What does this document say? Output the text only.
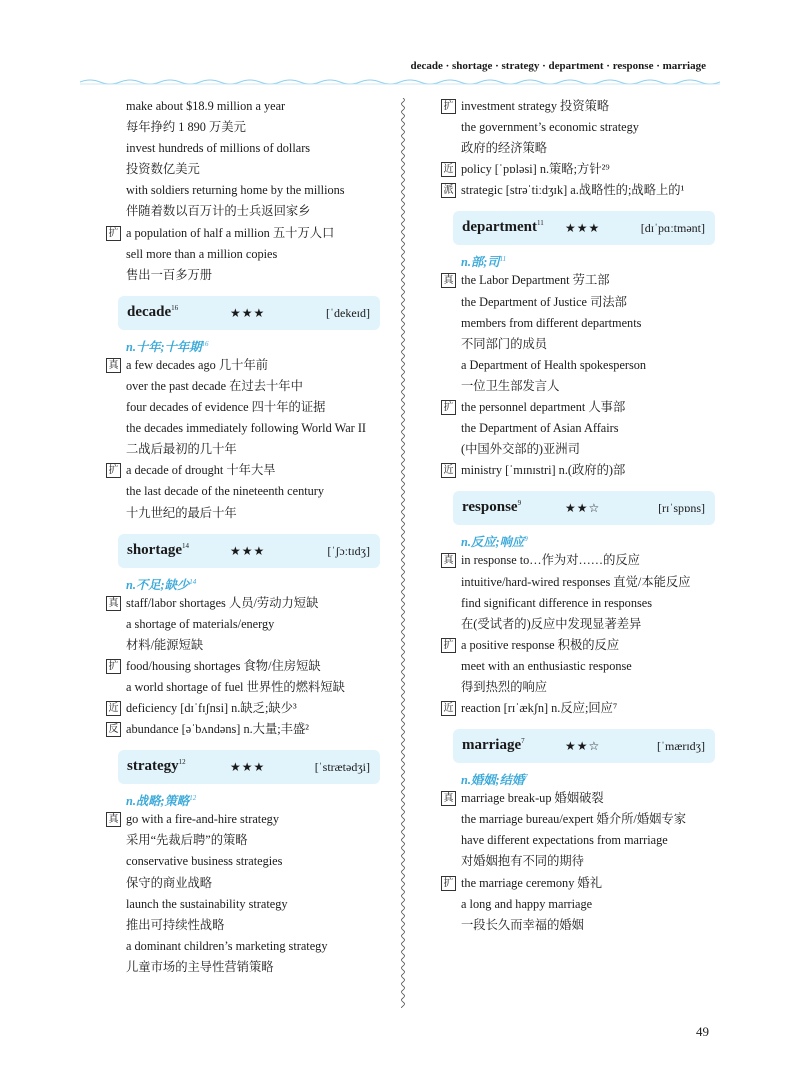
decade · shortage · strategy · department · response · marriage
make about $18.9 million a year
每年挣约 1 890 万美元
invest hundreds of millions of dollars
投资数亿美元
with soldiers returning home by the millions
伴随着数以百万计的士兵返回家乡
扩 a population of half a million 五十万人口
sell more than a million copies
售出一百多万册
decade$^{16}$	★★★	[ˈdekeɪd]
n.十年;十年期$^{16}$
真 a few decades ago 几十年前
over the past decade 在过去十年中
four decades of evidence 四十年的证据
the decades immediately following World War II
二战后最初的几十年
扩 a decade of drought 十年大旱
the last decade of the nineteenth century
十九世纪的最后十年
shortage$^{14}$	★★★	[ˈʃɔːtɪdʒ]
n.不足;缺少$^{14}$
真 staff/labor shortages 人员/劳动力短缺
a shortage of materials/energy
材料/能源短缺
扩 food/housing shortages 食物/住房短缺
a world shortage of fuel 世界性的燃料短缺
近 deficiency [dɪˈfɪʃnsi] n.缺乏;缺少³
反 abundance [əˈbʌndəns] n.大量;丰盛²
strategy$^{12}$	★★★	[ˈstrætədʒi]
n.战略;策略$^{12}$
真 go with a fire-and-hire strategy
采用“先裁后聘”的策略
conservative business strategies
保守的商业战略
launch the sustainability strategy
推出可持续性战略
a dominant children’s marketing strategy
儿童市场的主导性营销策略
扩 investment strategy 投资策略
the government’s economic strategy
政府的经济策略
近 policy [ˈpɒləsi] n.策略;方针²⁹
派 strategic [strəˈtiːdʒɪk] a.战略性的;战略上的¹
department$^{11}$ ★★★	[dɪˈpɑːtmənt]
n.部;司$^{11}$
真 the Labor Department 劳工部
the Department of Justice 司法部
members from different departments
不同部门的成员
a Department of Health spokesperson
一位卫生部发言人
扩 the personnel department 人事部
the Department of Asian Affairs
(中国外交部的)亚洲司
近 ministry [ˈmɪnɪstri] n.(政府的)部
response$^9$	★★☆	[rɪˈspɒns]
n.反应;响应$^9$
真 in response to…作为对……的反应
intuitive/hard-wired responses 直觉/本能反应
find significant difference in responses
在(受试者的)反应中发现显著差异
扩 a positive response 积极的反应
meet with an enthusiastic response
得到热烈的响应
近 reaction [rɪˈækʃn] n.反应;回应⁷
marriage$^7$	★★☆	[ˈmærɪdʒ]
n.婚姻;结婚$^7$
真 marriage break-up 婚姻破裂
the marriage bureau/expert 婚介所/婚姻专家
have different expectations from marriage
对婚姻抱有不同的期待
扩 the marriage ceremony 婚礼
a long and happy marriage
一段长久而幸福的婚姻
49
